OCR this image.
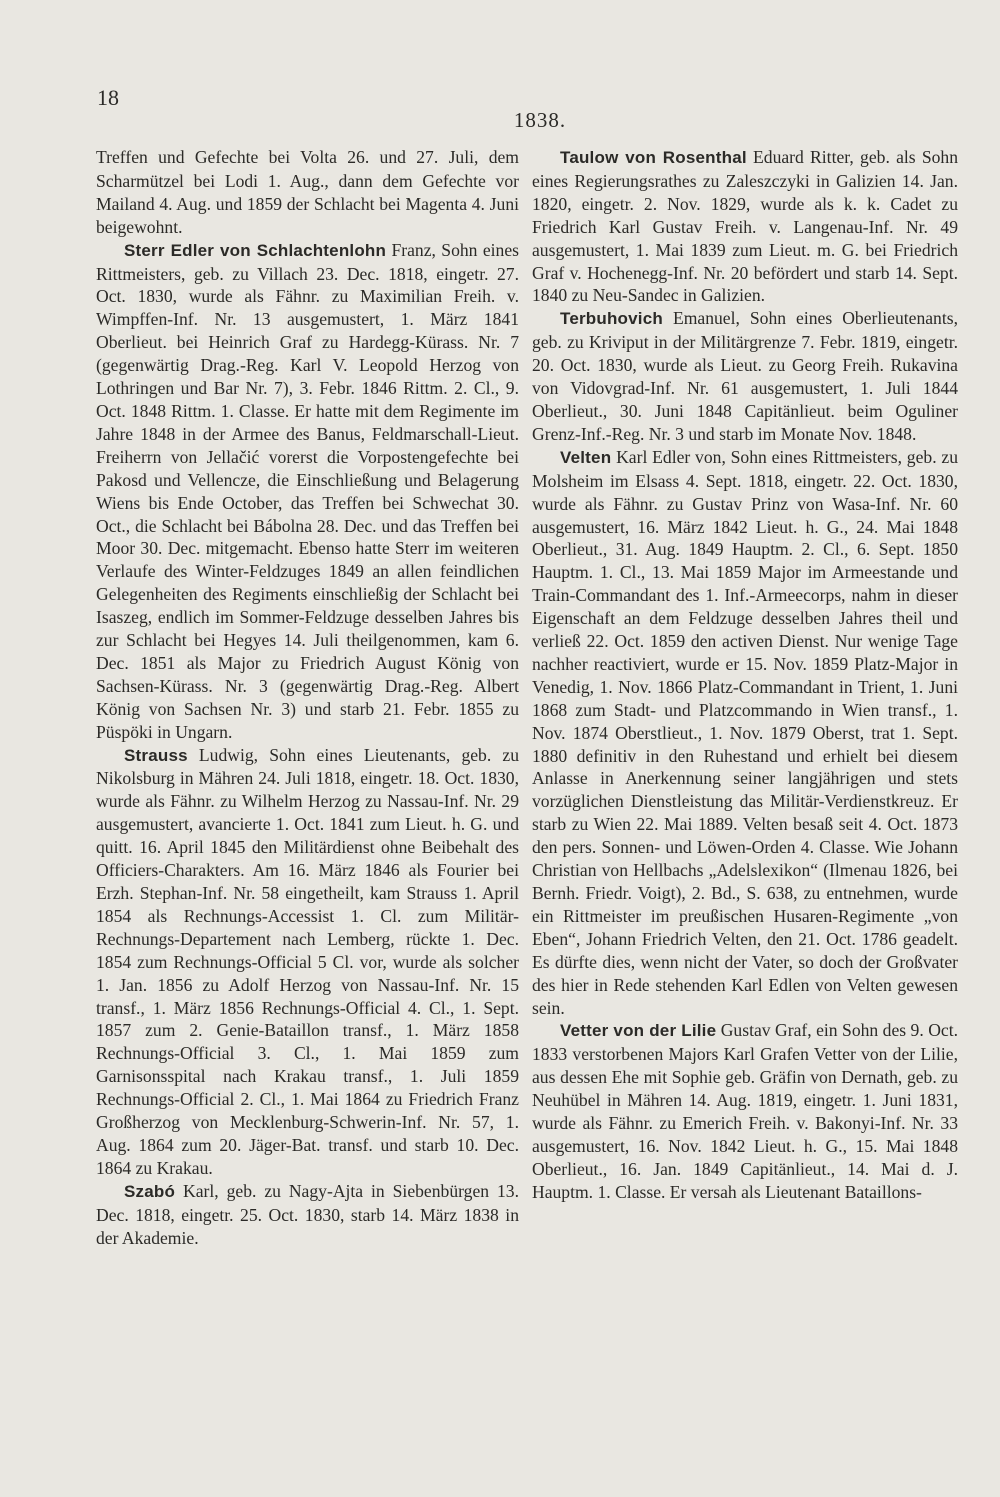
18
1838.

Treffen und Gefechte bei Volta 26. und 27. Juli, dem Scharmützel bei Lodi 1. Aug., dann dem Gefechte vor Mailand 4. Aug. und 1859 der Schlacht bei Magenta 4. Juni beigewohnt.

Sterr Edler von Schlachtenlohn Franz, Sohn eines Rittmeisters, geb. zu Villach 23. Dec. 1818, eingetr. 27. Oct. 1830, wurde als Fähnr. zu Maximilian Freih. v. Wimpffen-Inf. Nr. 13 ausgemustert, 1. März 1841 Oberlieut. bei Heinrich Graf zu Hardegg-Kürass. Nr. 7 (gegenwärtig Drag.-Reg. Karl V. Leopold Herzog von Lothringen und Bar Nr. 7), 3. Febr. 1846 Rittm. 2. Cl., 9. Oct. 1848 Rittm. 1. Classe. Er hatte mit dem Regimente im Jahre 1848 in der Armee des Banus, Feldmarschall-Lieut. Freiherrn von Jellačić vorerst die Vorpostengefechte bei Pakosd und Vellencze, die Einschließung und Belagerung Wiens bis Ende October, das Treffen bei Schwechat 30. Oct., die Schlacht bei Bábolna 28. Dec. und das Treffen bei Moor 30. Dec. mitgemacht. Ebenso hatte Sterr im weiteren Verlaufe des Winter-Feldzuges 1849 an allen feindlichen Gelegenheiten des Regiments einschließig der Schlacht bei Isaszeg, endlich im Sommer-Feldzuge desselben Jahres bis zur Schlacht bei Hegyes 14. Juli theilgenommen, kam 6. Dec. 1851 als Major zu Friedrich August König von Sachsen-Kürass. Nr. 3 (gegenwärtig Drag.-Reg. Albert König von Sachsen Nr. 3) und starb 21. Febr. 1855 zu Püspöki in Ungarn.

Strauss Ludwig, Sohn eines Lieutenants, geb. zu Nikolsburg in Mähren 24. Juli 1818, eingetr. 18. Oct. 1830, wurde als Fähnr. zu Wilhelm Herzog zu Nassau-Inf. Nr. 29 ausgemustert, avancierte 1. Oct. 1841 zum Lieut. h. G. und quitt. 16. April 1845 den Militärdienst ohne Beibehalt des Officiers-Charakters. Am 16. März 1846 als Fourier bei Erzh. Stephan-Inf. Nr. 58 eingetheilt, kam Strauss 1. April 1854 als Rechnungs-Accessist 1. Cl. zum Militär-Rechnungs-Departement nach Lemberg, rückte 1. Dec. 1854 zum Rechnungs-Official 5 Cl. vor, wurde als solcher 1. Jan. 1856 zu Adolf Herzog von Nassau-Inf. Nr. 15 transf., 1. März 1856 Rechnungs-Official 4. Cl., 1. Sept. 1857 zum 2. Genie-Bataillon transf., 1. März 1858 Rechnungs-Official 3. Cl., 1. Mai 1859 zum Garnisonsspital nach Krakau transf., 1. Juli 1859 Rechnungs-Official 2. Cl., 1. Mai 1864 zu Friedrich Franz Großherzog von Mecklenburg-Schwerin-Inf. Nr. 57, 1. Aug. 1864 zum 20. Jäger-Bat. transf. und starb 10. Dec. 1864 zu Krakau.

Szabó Karl, geb. zu Nagy-Ajta in Siebenbürgen 13. Dec. 1818, eingetr. 25. Oct. 1830, starb 14. März 1838 in der Akademie.

Taulow von Rosenthal Eduard Ritter, geb. als Sohn eines Regierungsrathes zu Zaleszczyki in Galizien 14. Jan. 1820, eingetr. 2. Nov. 1829, wurde als k. k. Cadet zu Friedrich Karl Gustav Freih. v. Langenau-Inf. Nr. 49 ausgemustert, 1. Mai 1839 zum Lieut. m. G. bei Friedrich Graf v. Hochenegg-Inf. Nr. 20 befördert und starb 14. Sept. 1840 zu Neu-Sandec in Galizien.

Terbuhovich Emanuel, Sohn eines Oberlieutenants, geb. zu Kriviput in der Militärgrenze 7. Febr. 1819, eingetr. 20. Oct. 1830, wurde als Lieut. zu Georg Freih. Rukavina von Vidovgrad-Inf. Nr. 61 ausgemustert, 1. Juli 1844 Oberlieut., 30. Juni 1848 Capitänlieut. beim Oguliner Grenz-Inf.-Reg. Nr. 3 und starb im Monate Nov. 1848.

Velten Karl Edler von, Sohn eines Rittmeisters, geb. zu Molsheim im Elsass 4. Sept. 1818, eingetr. 22. Oct. 1830, wurde als Fähnr. zu Gustav Prinz von Wasa-Inf. Nr. 60 ausgemustert, 16. März 1842 Lieut. h. G., 24. Mai 1848 Oberlieut., 31. Aug. 1849 Hauptm. 2. Cl., 6. Sept. 1850 Hauptm. 1. Cl., 13. Mai 1859 Major im Armeestande und Train-Commandant des 1. Inf.-Armeecorps, nahm in dieser Eigenschaft an dem Feldzuge desselben Jahres theil und verließ 22. Oct. 1859 den activen Dienst. Nur wenige Tage nachher reactiviert, wurde er 15. Nov. 1859 Platz-Major in Venedig, 1. Nov. 1866 Platz-Commandant in Trient, 1. Juni 1868 zum Stadt- und Platzcommando in Wien transf., 1. Nov. 1874 Oberstlieut., 1. Nov. 1879 Oberst, trat 1. Sept. 1880 definitiv in den Ruhestand und erhielt bei diesem Anlasse in Anerkennung seiner langjährigen und stets vorzüglichen Dienstleistung das Militär-Verdienstkreuz. Er starb zu Wien 22. Mai 1889. Velten besaß seit 4. Oct. 1873 den pers. Sonnen- und Löwen-Orden 4. Classe. Wie Johann Christian von Hellbachs „Adelslexikon“ (Ilmenau 1826, bei Bernh. Friedr. Voigt), 2. Bd., S. 638, zu entnehmen, wurde ein Rittmeister im preußischen Husaren-Regimente „von Eben“, Johann Friedrich Velten, den 21. Oct. 1786 geadelt. Es dürfte dies, wenn nicht der Vater, so doch der Großvater des hier in Rede stehenden Karl Edlen von Velten gewesen sein.

Vetter von der Lilie Gustav Graf, ein Sohn des 9. Oct. 1833 verstorbenen Majors Karl Grafen Vetter von der Lilie, aus dessen Ehe mit Sophie geb. Gräfin von Dernath, geb. zu Neuhübel in Mähren 14. Aug. 1819, eingetr. 1. Juni 1831, wurde als Fähnr. zu Emerich Freih. v. Bakonyi-Inf. Nr. 33 ausgemustert, 16. Nov. 1842 Lieut. h. G., 15. Mai 1848 Oberlieut., 16. Jan. 1849 Capitänlieut., 14. Mai d. J. Hauptm. 1. Classe. Er versah als Lieutenant Bataillons-
